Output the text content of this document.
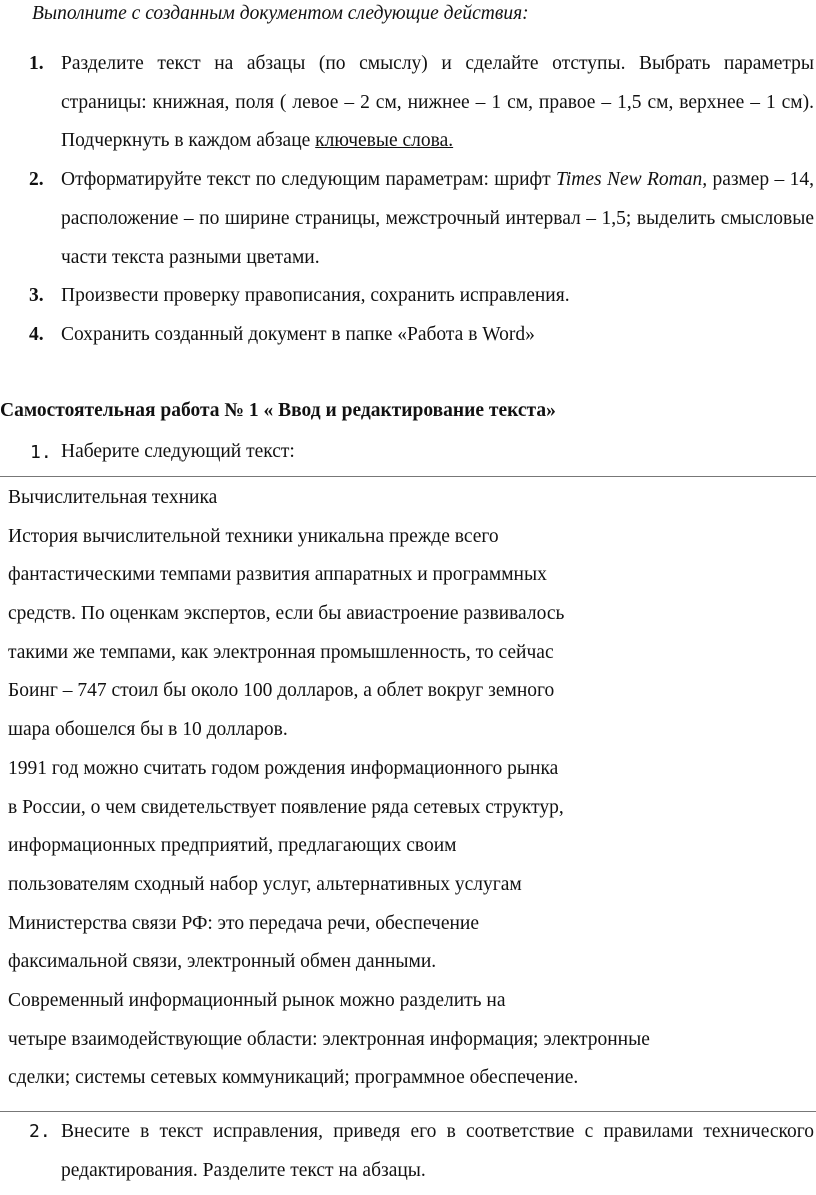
Выполните с созданным документом следующие действия:
1. Разделите текст на абзацы (по смыслу) и сделайте отступы. Выбрать параметры страницы: книжная, поля ( левое – 2 см, нижнее – 1 см, правое – 1,5 см, верхнее – 1 см). Подчеркнуть в каждом абзаце ключевые слова.
2. Отформатируйте текст по следующим параметрам: шрифт Times New Roman, размер – 14, расположение – по ширине страницы, межстрочный интервал – 1,5; выделить смысловые части текста разными цветами.
3. Произвести проверку правописания, сохранить исправления.
4. Сохранить созданный документ в папке «Работа в Word»
Самостоятельная работа № 1 « Ввод и редактирование текста»
1. Наберите следующий текст:
Вычислительная техника
История вычислительной техники уникальна прежде всего
фантастическими темпами развития аппаратных и программных
средств. По оценкам экспертов, если бы авиастроение развивалось
такими же темпами, как электронная промышленность, то сейчас
Боинг – 747 стоил бы около 100 долларов, а облет вокруг земного
шара обошелся бы в 10 долларов.
1991 год можно считать годом рождения информационного рынка
в России, о чем свидетельствует появление ряда сетевых структур,
информационных предприятий, предлагающих своим
пользователям сходный набор услуг, альтернативных услугам
Министерства связи РФ: это передача речи, обеспечение
факсимальной связи, электронный обмен данными.
Современный информационный рынок можно разделить на
четыре взаимодействующие области: электронная информация; электронные
сделки; системы сетевых коммуникаций; программное обеспечение.
2. Внесите в текст исправления, приведя его в соответствие с правилами технического редактирования. Разделите текст на абзацы.
